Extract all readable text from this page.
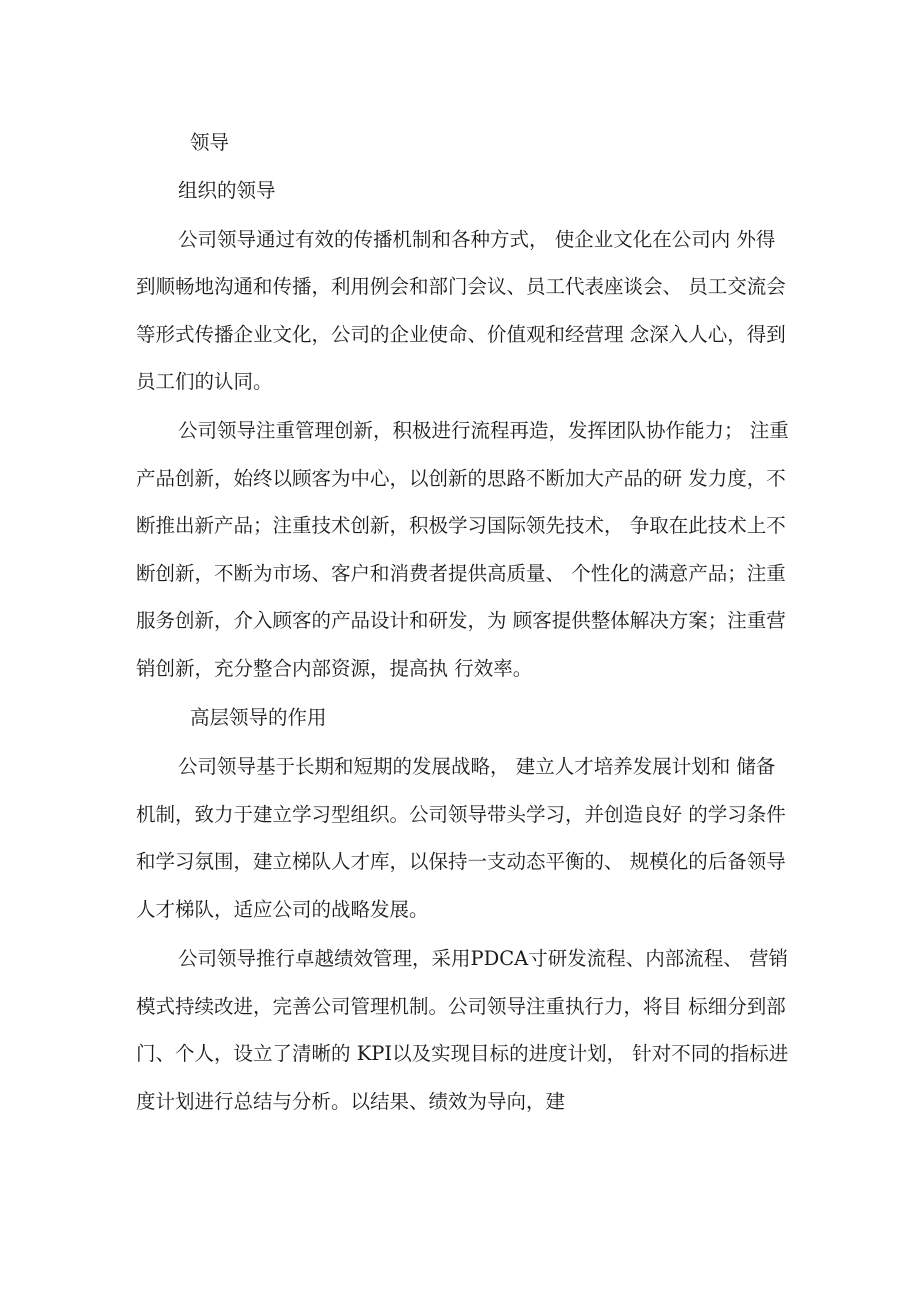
领导
组织的领导
公司领导通过有效的传播机制和各种方式， 使企业文化在公司内 外得
到顺畅地沟通和传播，利用例会和部门会议、员工代表座谈会、 员工交流会
等形式传播企业文化，公司的企业使命、价值观和经营理 念深入人心，得到
员工们的认同。
公司领导注重管理创新，积极进行流程再造，发挥团队协作能力； 注重
产品创新，始终以顾客为中心，以创新的思路不断加大产品的研 发力度，不
断推出新产品；注重技术创新，积极学习国际领先技术， 争取在此技术上不
断创新，不断为市场、客户和消费者提供高质量、 个性化的满意产品；注重
服务创新，介入顾客的产品设计和研发，为 顾客提供整体解决方案；注重营
销创新，充分整合内部资源，提高执 行效率。
高层领导的作用
公司领导基于长期和短期的发展战略， 建立人才培养发展计划和 储备
机制，致力于建立学习型组织。公司领导带头学习，并创造良好 的学习条件
和学习氛围，建立梯队人才库，以保持一支动态平衡的、 规模化的后备领导
人才梯队，适应公司的战略发展。
公司领导推行卓越绩效管理，采用PDCA寸研发流程、内部流程、 营销
模式持续改进，完善公司管理机制。公司领导注重执行力，将目 标细分到部
门、个人，设立了清晰的 KPI以及实现目标的进度计划， 针对不同的指标进
度计划进行总结与分析。以结果、绩效为导向，建
